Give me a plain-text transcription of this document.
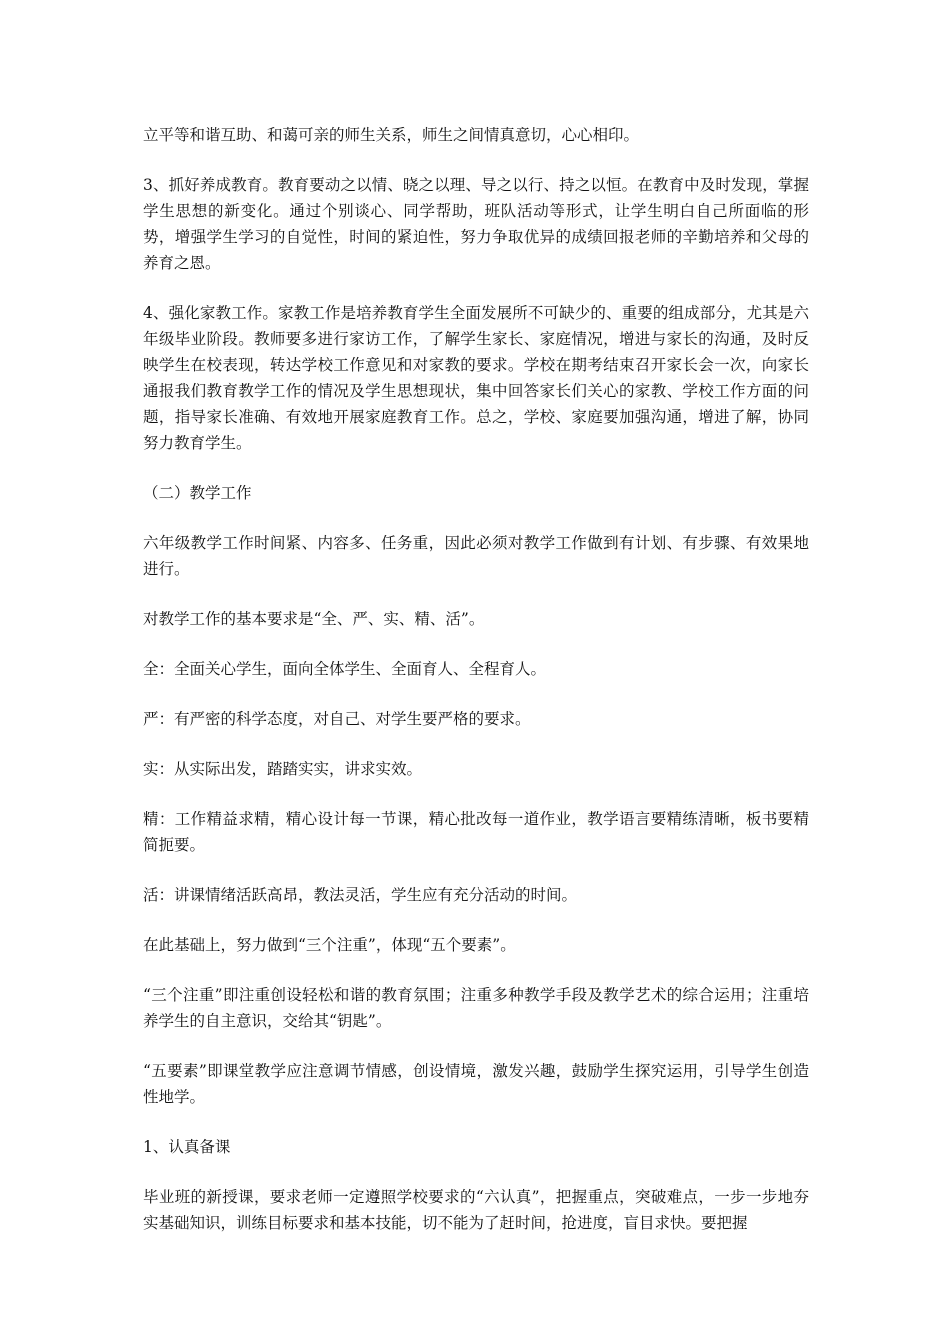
立平等和谐互助、和蔼可亲的师生关系，师生之间情真意切，心心相印。

3、抓好养成教育。教育要动之以情、晓之以理、导之以行、持之以恒。在教育中及时发现，掌握学生思想的新变化。通过个别谈心、同学帮助，班队活动等形式，让学生明白自己所面临的形势，增强学生学习的自觉性，时间的紧迫性，努力争取优异的成绩回报老师的辛勤培养和父母的养育之恩。

4、强化家教工作。家教工作是培养教育学生全面发展所不可缺少的、重要的组成部分，尤其是六年级毕业阶段。教师要多进行家访工作，了解学生家长、家庭情况，增进与家长的沟通，及时反映学生在校表现，转达学校工作意见和对家教的要求。学校在期考结束召开家长会一次，向家长通报我们教育教学工作的情况及学生思想现状，集中回答家长们关心的家教、学校工作方面的问题，指导家长准确、有效地开展家庭教育工作。总之，学校、家庭要加强沟通，增进了解，协同努力教育学生。

（二）教学工作

六年级教学工作时间紧、内容多、任务重，因此必须对教学工作做到有计划、有步骤、有效果地进行。

对教学工作的基本要求是“全、严、实、精、活”。

全：全面关心学生，面向全体学生、全面育人、全程育人。

严：有严密的科学态度，对自己、对学生要严格的要求。

实：从实际出发，踏踏实实，讲求实效。

精：工作精益求精，精心设计每一节课，精心批改每一道作业，教学语言要精练清晰，板书要精简扼要。

活：讲课情绪活跃高昂，教法灵活，学生应有充分活动的时间。

在此基础上，努力做到“三个注重”，体现“五个要素”。

“三个注重”即注重创设轻松和谐的教育氛围；注重多种教学手段及教学艺术的综合运用；注重培养学生的自主意识，交给其“钥匙”。

“五要素”即课堂教学应注意调节情感，创设情境，激发兴趣，鼓励学生探究运用，引导学生创造性地学。

1、认真备课

毕业班的新授课，要求老师一定遵照学校要求的“六认真”，把握重点，突破难点，一步一步地夯实基础知识，训练目标要求和基本技能，切不能为了赶时间，抢进度，盲目求快。要把握
